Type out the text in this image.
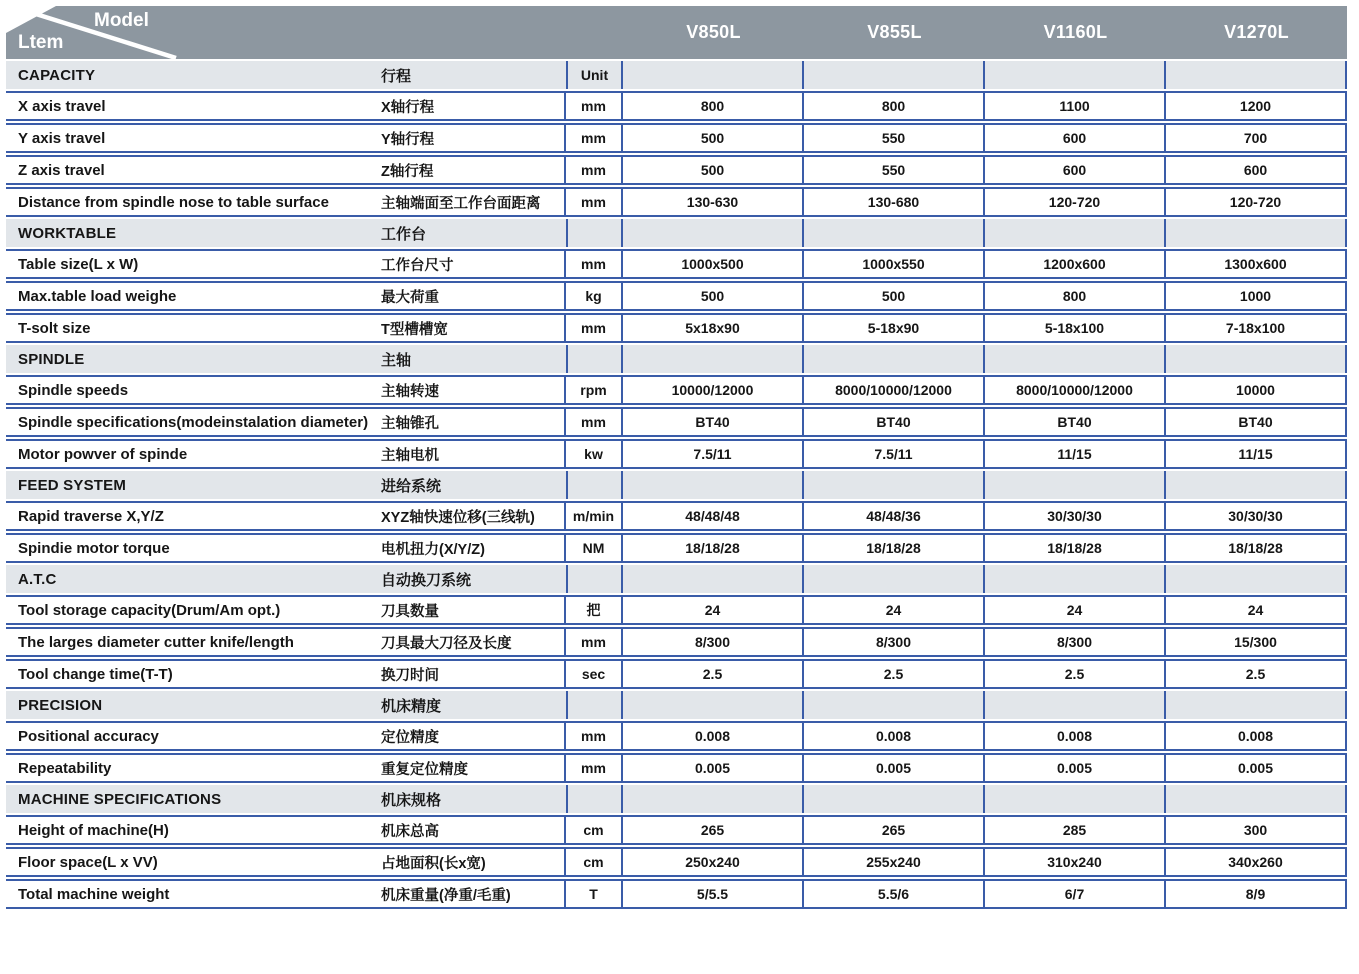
Model
Ltem			V850L	V855L	V1160L	V1270L
CAPACITY	行程	Unit				
X axis travel	X轴行程	mm	800	800	1100	1200
Y axis travel	Y轴行程	mm	500	550	600	700
Z axis travel	Z轴行程	mm	500	550	600	600
Distance from spindle nose to table surface	主轴端面至工作台面距离	mm	130-630	130-680	120-720	120-720
WORKTABLE	工作台					
Table size(L x W)	工作台尺寸	mm	1000x500	1000x550	1200x600	1300x600
Max.table load weighe	最大荷重	kg	500	500	800	1000
T-solt size	T型槽槽宽	mm	5x18x90	5-18x90	5-18x100	7-18x100
SPINDLE	主轴					
Spindle speeds	主轴转速	rpm	10000/12000	8000/10000/12000	8000/10000/12000	10000
Spindle specifications(modeinstalation diameter)	主轴锥孔	mm	BT40	BT40	BT40	BT40
Motor powver of spinde	主轴电机	kw	7.5/11	7.5/11	11/15	11/15
FEED SYSTEM	进给系统					
Rapid traverse X,Y/Z	XYZ轴快速位移(三线轨)	m/min	48/48/48	48/48/36	30/30/30	30/30/30
Spindie motor torque	电机扭力(X/Y/Z)	NM	18/18/28	18/18/28	18/18/28	18/18/28
A.T.C	自动换刀系统					
Tool storage capacity(Drum/Am opt.)	刀具数量	把	24	24	24	24
The larges diameter cutter knife/length	刀具最大刀径及长度	mm	8/300	8/300	8/300	15/300
Tool change time(T-T)	换刀时间	sec	2.5	2.5	2.5	2.5
PRECISION	机床精度					
Positional accuracy	定位精度	mm	0.008	0.008	0.008	0.008
Repeatability	重复定位精度	mm	0.005	0.005	0.005	0.005
MACHINE SPECIFICATIONS	机床规格					
Height of machine(H)	机床总高	cm	265	265	285	300
Floor space(L x VV)	占地面积(长x宽)	cm	250x240	255x240	310x240	340x260
Total machine weight	机床重量(净重/毛重)	T	5/5.5	5.5/6	6/7	8/9
